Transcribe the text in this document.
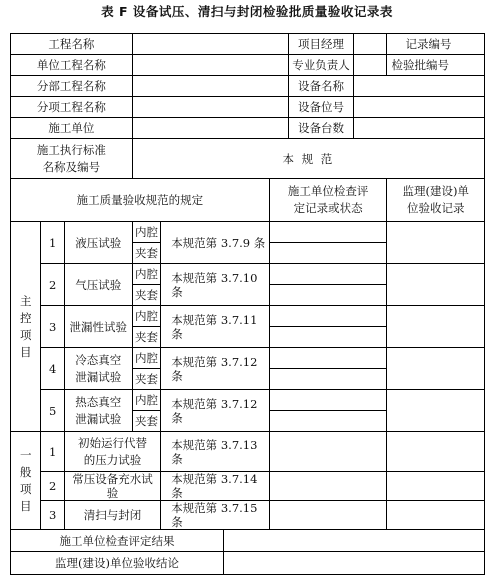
表 F 设备试压、清扫与封闭检验批质量验收记录表

工程名称									项目经理			记录编号	
单位工程名称									专业负责人			检验批编号	
分部工程名称									设备名称				
分项工程名称									设备位号				
施工单位									设备台数				
施工执行标准名称及编号			本 规 范										
施工质量验收规范的规定								施工单位检查评定记录或状态				监理(建设)单位验收记录	
主控项目	1	液压试验	内腔		本规范第 3.7.9 条								
			夹套										
	2	气压试验	内腔		本规范第 3.7.10 条								
			夹套										
	3	泄漏性试验	内腔		本规范第 3.7.11 条								
			夹套										
	4	冷态真空泄漏试验	内腔		本规范第 3.7.12 条								
			夹套										
	5	热态真空泄漏试验	内腔		本规范第 3.7.12 条								
			夹套										
一般项目	1	初始运行代替的压力试验			本规范第 3.7.13 条								
	2	常压设备充水试验			本规范第 3.7.14 条								
	3	清扫与封闭			本规范第 3.7.15 条								
施工单位检查评定结果													
监理(建设)单位验收结论													
